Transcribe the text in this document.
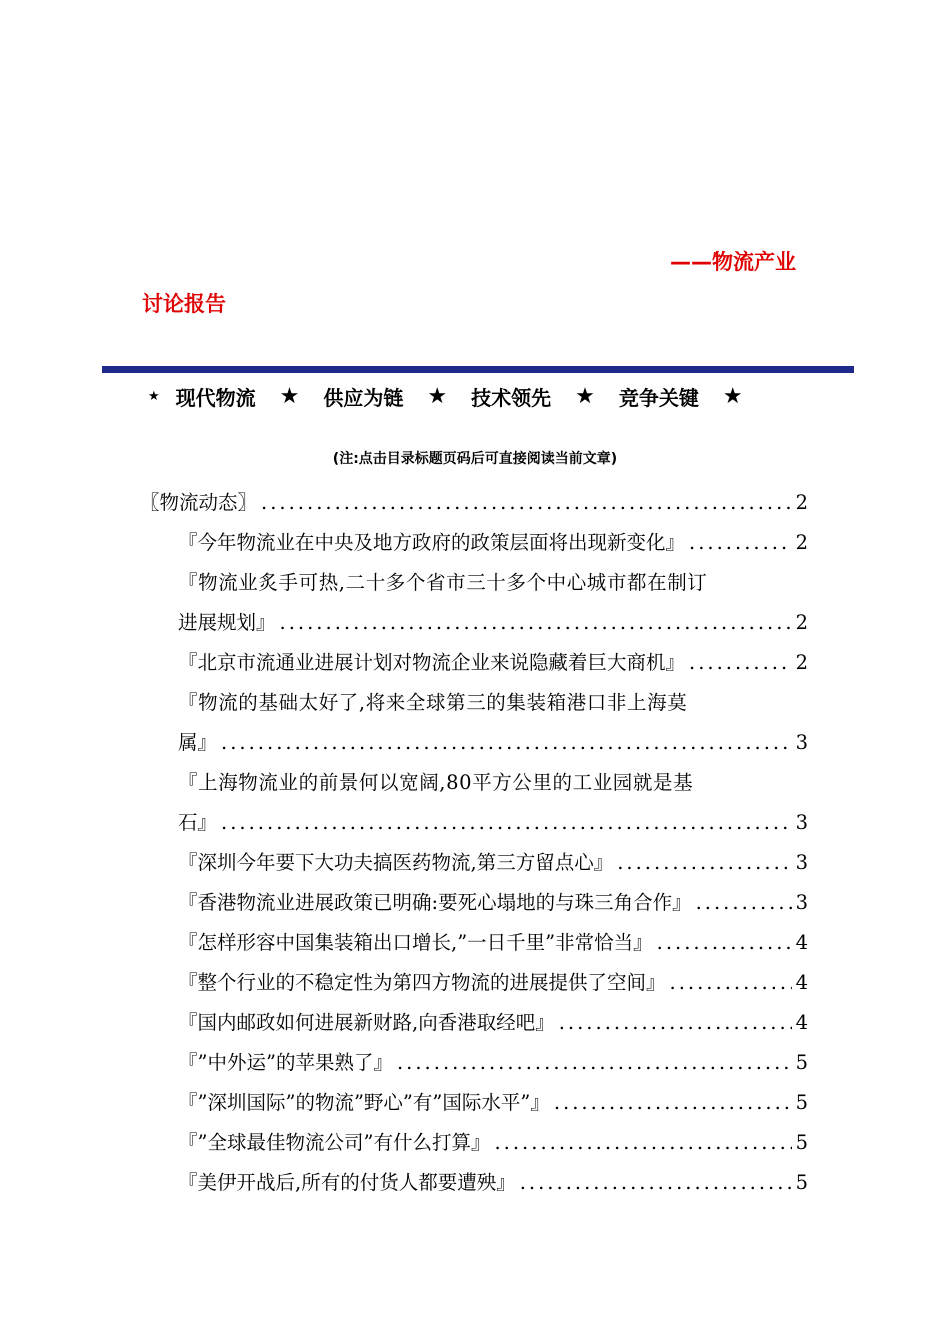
——物流产业
讨论报告
★ 现代物流 ★ 供应为链 ★ 技术领先 ★ 竞争关键 ★
(注:点击目录标题页码后可直接阅读当前文章)
〖物流动态〗 .....	2
『今年物流业在中央及地方政府的政策层面将出现新变化』 .....	2
『物流业炙手可热,二十多个省市三十多个中心城市都在制订
进展规划』 .....	2
『北京市流通业进展计划对物流企业来说隐藏着巨大商机』 .....	2
『物流的基础太好了,将来全球第三的集装箱港口非上海莫
属』 .....	3
『上海物流业的前景何以宽阔,80平方公里的工业园就是基
石』 .....	3
『深圳今年要下大功夫搞医药物流,第三方留点心』 .....	3
『香港物流业进展政策已明确:要死心塌地的与珠三角合作』 .....	3
『怎样形容中国集装箱出口增长,”一日千里”非常恰当』 .....	4
『整个行业的不稳定性为第四方物流的进展提供了空间』 .....	4
『国内邮政如何进展新财路,向香港取经吧』 .....	4
『”中外运”的苹果熟了』 .....	5
『”深圳国际”的物流”野心”有”国际水平”』 .....	5
『”全球最佳物流公司”有什么打算』 .....	5
『美伊开战后,所有的付货人都要遭殃』 .....	5
